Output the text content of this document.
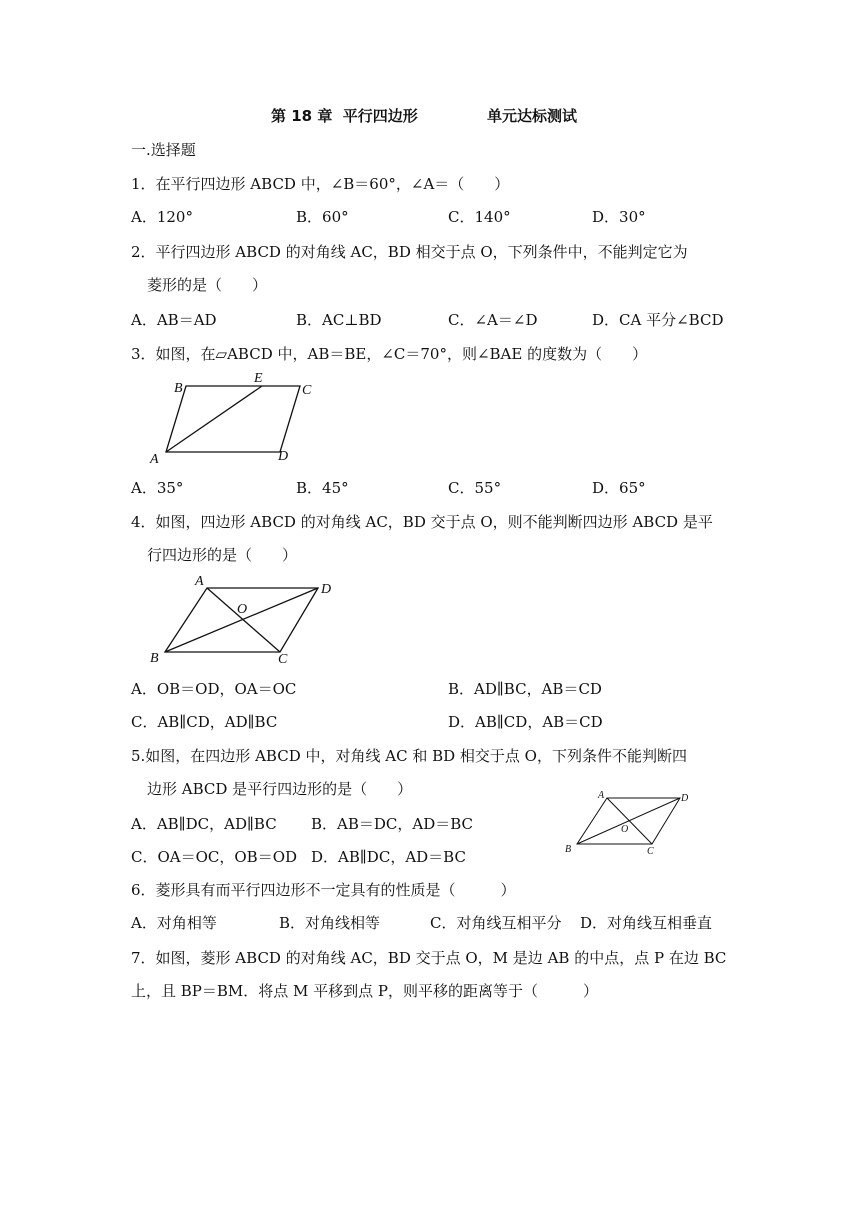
第 18 章  平行四边形	单元达标测试
一.选择题
1．在平行四边形 ABCD 中，∠B＝60°，∠A＝（　　）
A．120°	B．60°	C．140°	D．30°
2．平行四边形 ABCD 的对角线 AC，BD 相交于点 O，下列条件中，不能判定它为
菱形的是（　　）
A．AB＝AD	B．AC⊥BD	C．∠A＝∠D	D．CA 平分∠BCD
3．如图，在▱ABCD 中，AB＝BE，∠C＝70°，则∠BAE 的度数为（　　）
B
E
C
A	D
A．35°	B．45°	C．55°	D．65°
4．如图，四边形 ABCD 的对角线 AC，BD 交于点 O，则不能判断四边形 ABCD 是平
行四边形的是（　　）
A
D
O
B	C
A．OB＝OD，OA＝OC	B．AD∥BC，AB＝CD
C．AB∥CD，AD∥BC	D．AB∥CD，AB＝CD
5.如图，在四边形 ABCD 中，对角线 AC 和 BD 相交于点 O，下列条件不能判断四
边形 ABCD 是平行四边形的是（　　）
A．AB∥DC，AD∥BC B．AB＝DC，AD＝BC
C．OA＝OC，OB＝OD D．AB∥DC，AD＝BC
A	D
O
B	C
6．菱形具有而平行四边形不一定具有的性质是（　　　）
A．对角相等	B．对角线相等	C．对角线互相平分 D．对角线互相垂直
7．如图，菱形 ABCD 的对角线 AC，BD 交于点 O，M 是边 AB 的中点，点 P 在边 BC
上，且 BP＝BM．将点 M 平移到点 P，则平移的距离等于（　　　）
